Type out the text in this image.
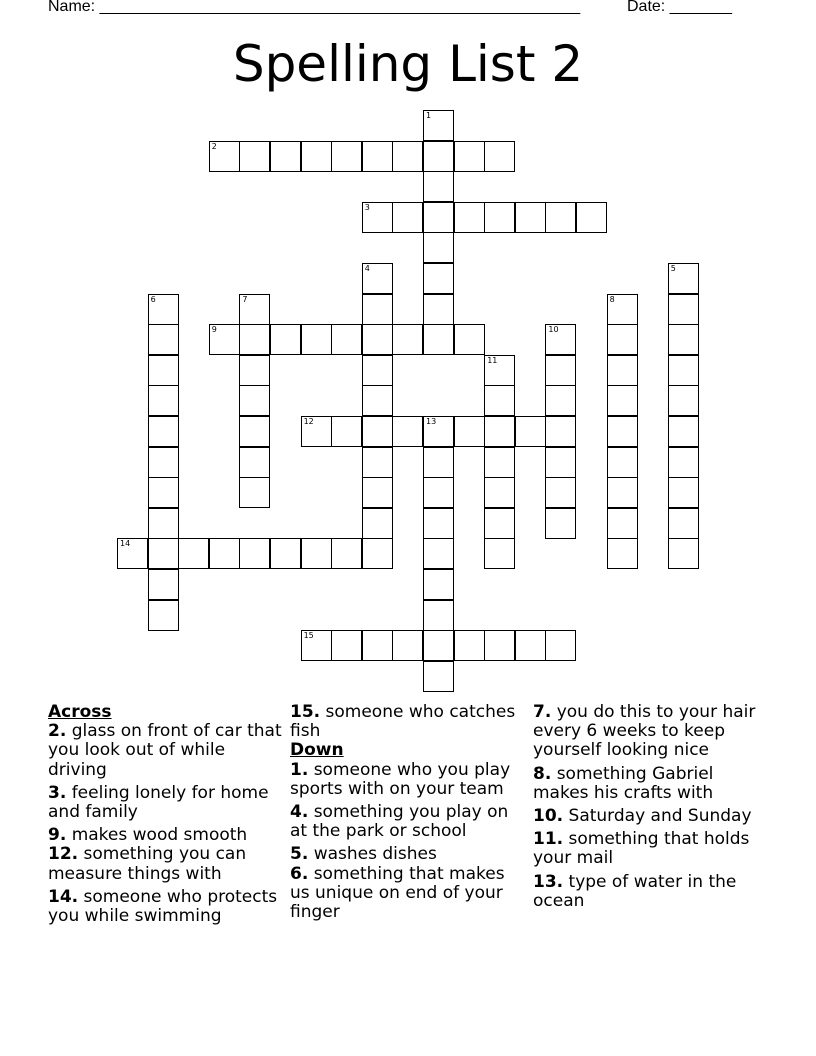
Name: ______________________________________________________	Date: _______
Spelling List 2
1
2
3
4	5
6	7	8
9	10
11
12	13
14
15
Across
2. glass on front of car that you look out of while driving
3. feeling lonely for home and family
9. makes wood smooth
12. something you can measure things with
14. someone who protects you while swimming
15. someone who catches fish
Down
1. someone who you play sports with on your team
4. something you play on at the park or school
5. washes dishes
6. something that makes us unique on end of your finger
7. you do this to your hair every 6 weeks to keep yourself looking nice
8. something Gabriel makes his crafts with
10. Saturday and Sunday
11. something that holds your mail
13. type of water in the ocean
